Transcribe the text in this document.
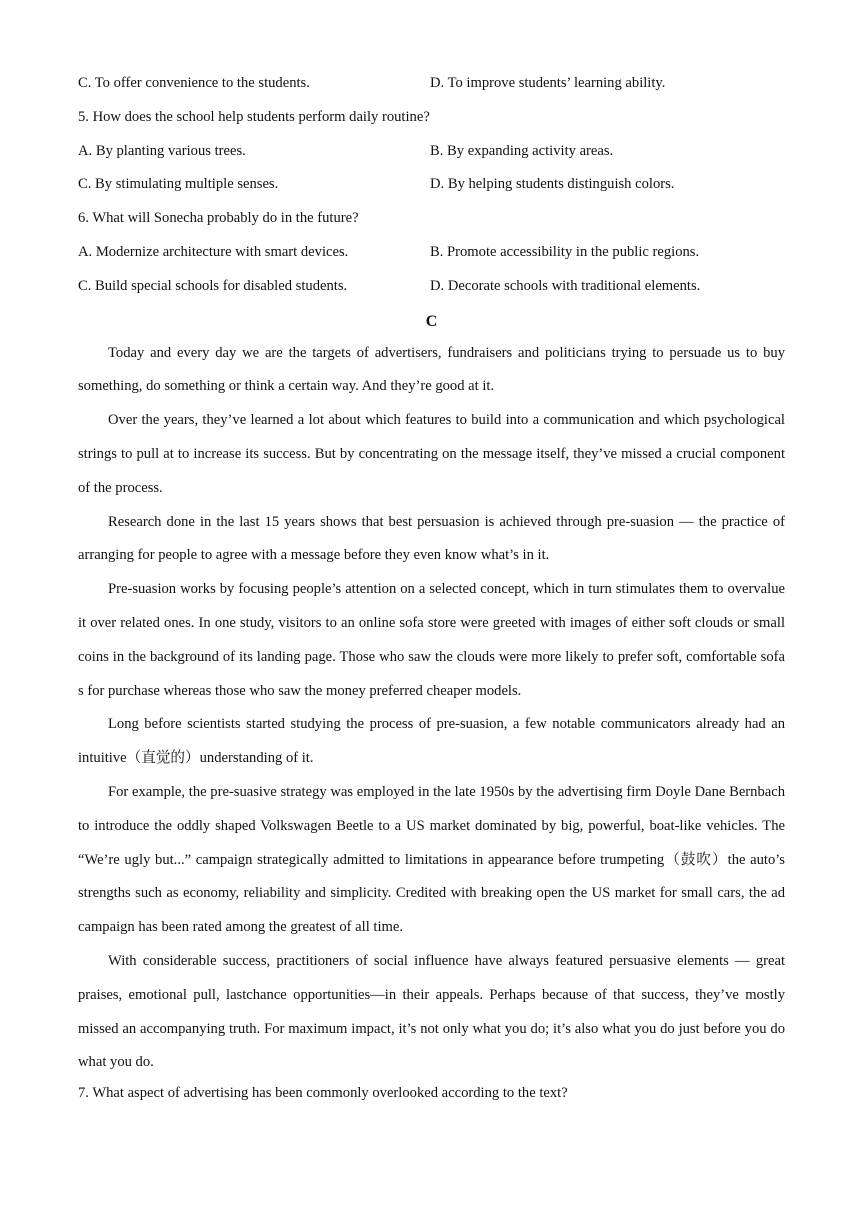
C. To offer convenience to the students.	D. To improve students’ learning ability.
5. How does the school help students perform daily routine?
A. By planting various trees.	B. By expanding activity areas.
C. By stimulating multiple senses.	D. By helping students distinguish colors.
6. What will Sonecha probably do in the future?
A. Modernize architecture with smart devices.	B. Promote accessibility in the public regions.
C. Build special schools for disabled students.	D. Decorate schools with traditional elements.
C

Today and every day we are the targets of advertisers, fundraisers and politicians trying to persuade us to buy something, do something or think a certain way. And they’re good at it.

Over the years, they’ve learned a lot about which features to build into a communication and which psychological strings to pull at to increase its success. But by concentrating on the message itself, they’ve missed a crucial component of the process.

Research done in the last 15 years shows that best persuasion is achieved through pre-suasion — the practice of arranging for people to agree with a message before they even know what’s in it.

Pre-suasion works by focusing people’s attention on a selected concept, which in turn stimulates them to overvalue it over related ones. In one study, visitors to an online sofa store were greeted with images of either soft clouds or small coins in the background of its landing page. Those who saw the clouds were more likely to prefer soft, comfortable sofa s for purchase whereas those who saw the money preferred cheaper models.

Long before scientists started studying the process of pre-suasion, a few notable communicators already had an intuitive（直觉的）understanding of it.

For example, the pre-suasive strategy was employed in the late 1950s by the advertising firm Doyle Dane Bernbach to introduce the oddly shaped Volkswagen Beetle to a US market dominated by big, powerful, boat-like vehicles. The “We’re ugly but...” campaign strategically admitted to limitations in appearance before trumpeting（鼓吹）the auto’s strengths such as economy, reliability and simplicity. Credited with breaking open the US market for small cars, the ad campaign has been rated among the greatest of all time.

With considerable success, practitioners of social influence have always featured persuasive elements — great praises, emotional pull, lastchance opportunities—in their appeals. Perhaps because of that success, they’ve mostly missed an accompanying truth. For maximum impact, it’s not only what you do; it’s also what you do just before you do what you do.

7. What aspect of advertising has been commonly overlooked according to the text?
